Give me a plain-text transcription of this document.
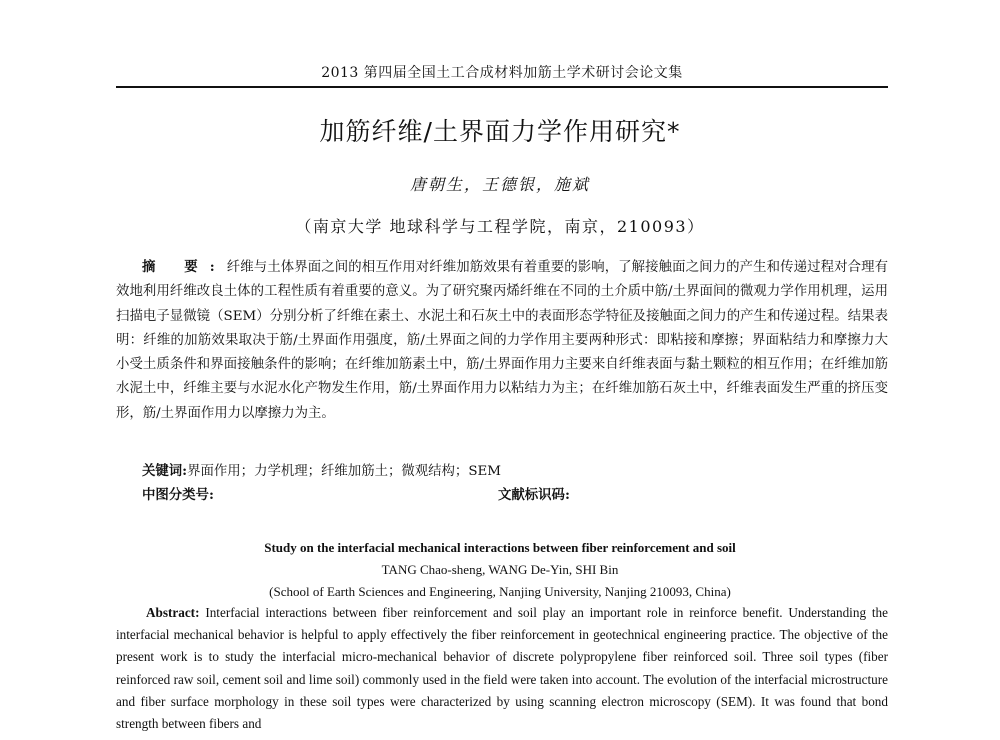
2013 第四届全国土工合成材料加筋土学术研讨会论文集
加筋纤维/土界面力学作用研究*
唐朝生，王德银，施斌
（南京大学 地球科学与工程学院，南京，210093）

摘 要:纤维与土体界面之间的相互作用对纤维加筋效果有着重要的影响，了解接触面之间力的产生和传递过程对合理有效地利用纤维改良土体的工程性质有着重要的意义。为了研究聚丙烯纤维在不同的土介质中筋/土界面间的微观力学作用机理，运用扫描电子显微镜（SEM）分别分析了纤维在素土、水泥土和石灰土中的表面形态学特征及接触面之间力的产生和传递过程。结果表明：纤维的加筋效果取决于筋/土界面作用强度，筋/土界面之间的力学作用主要两种形式：即粘接和摩擦；界面粘结力和摩擦力大小受土质条件和界面接触条件的影响；在纤维加筋素土中，筋/土界面作用力主要来自纤维表面与黏土颗粒的相互作用；在纤维加筋水泥土中，纤维主要与水泥水化产物发生作用，筋/土界面作用力以粘结力为主；在纤维加筋石灰土中，纤维表面发生严重的挤压变形，筋/土界面作用力以摩擦力为主。

关键词:界面作用；力学机理；纤维加筋土；微观结构；SEM
中图分类号:	文献标识码:
Study on the interfacial mechanical interactions between fiber reinforcement and soil
TANG Chao-sheng, WANG De-Yin, SHI Bin
(School of Earth Sciences and Engineering, Nanjing University, Nanjing 210093, China)

Abstract: Interfacial interactions between fiber reinforcement and soil play an important role in reinforce benefit. Understanding the interfacial mechanical behavior is helpful to apply effectively the fiber reinforcement in geotechnical engineering practice. The objective of the present work is to study the interfacial micro-mechanical behavior of discrete polypropylene fiber reinforced soil. Three soil types (fiber reinforced raw soil, cement soil and lime soil) commonly used in the field were taken into account. The evolution of the interfacial microstructure and fiber surface morphology in these soil types were characterized by using scanning electron microscopy (SEM). It was found that bond strength between fibers and
